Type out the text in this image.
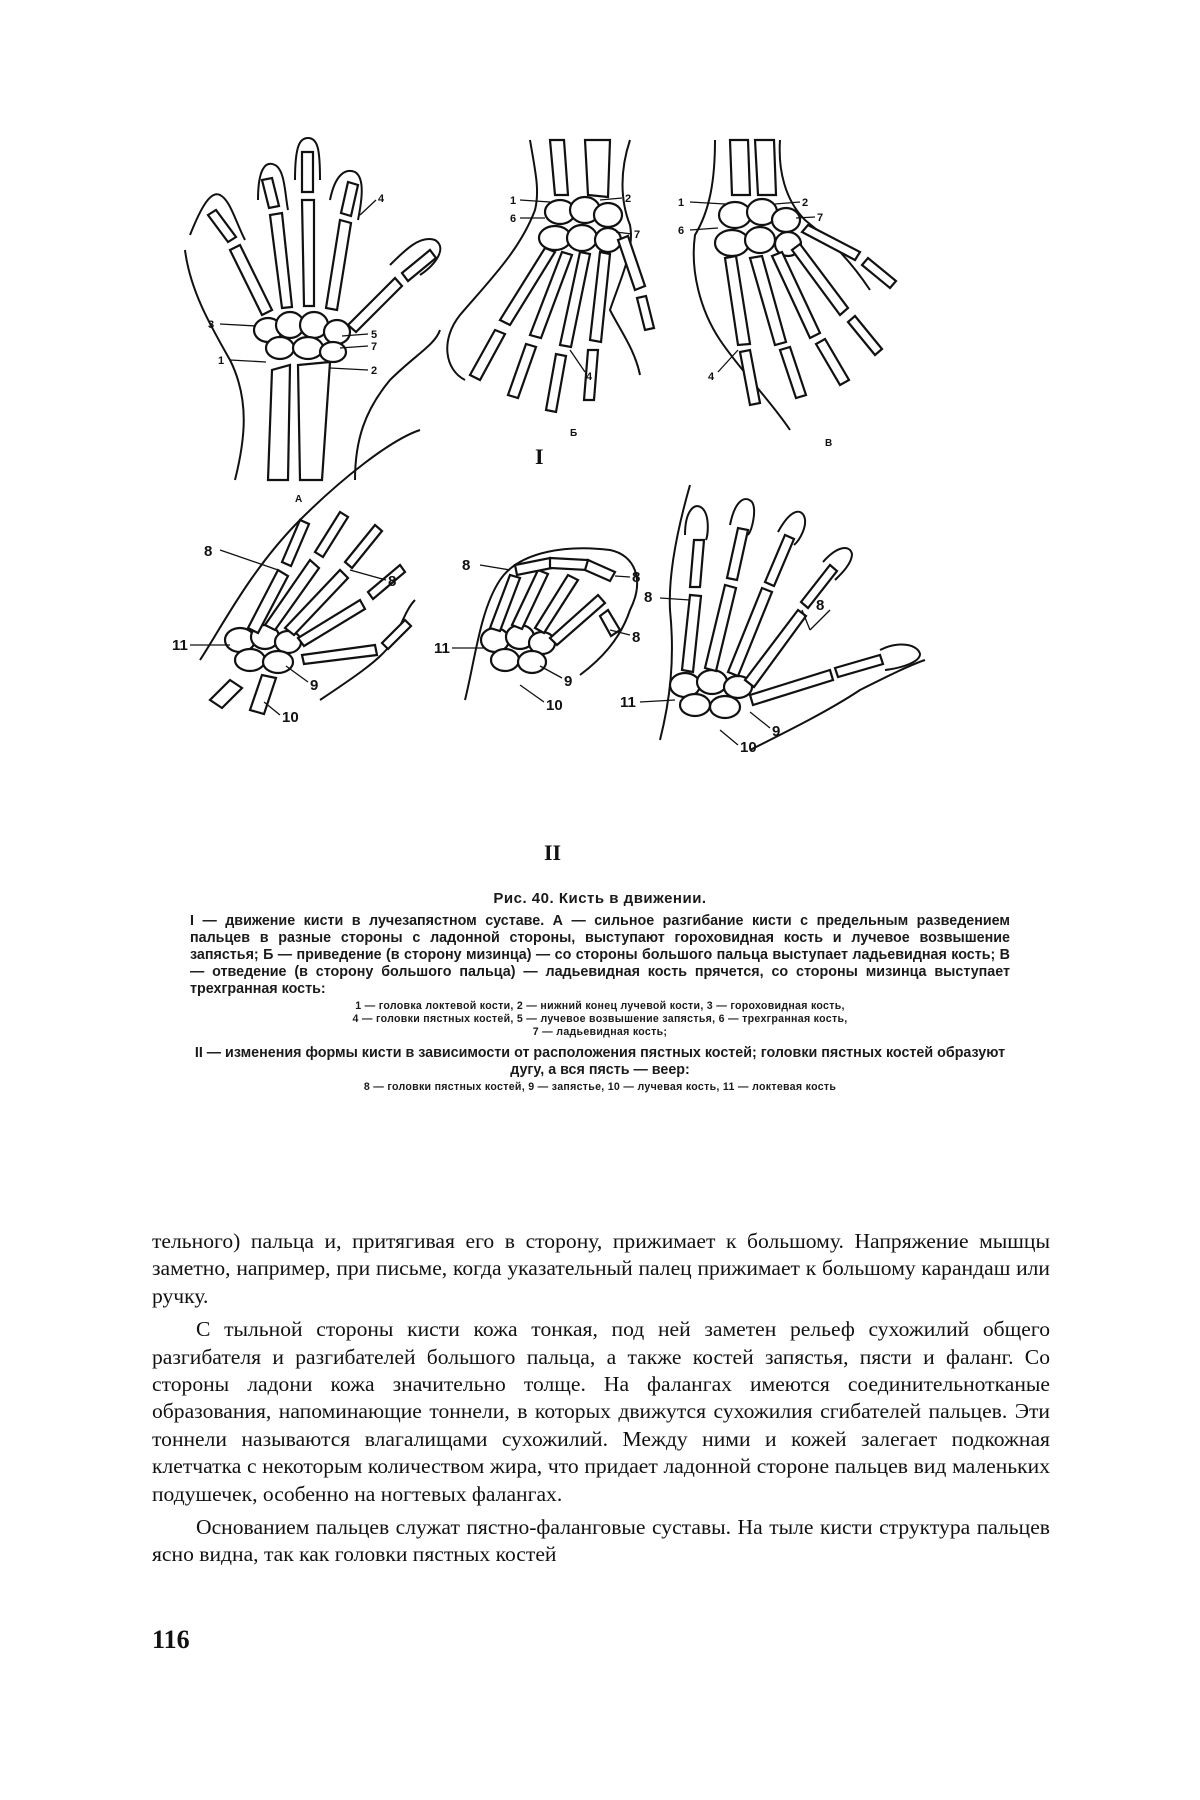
4
3
5
7
1
2
А
1	2
6
7
4
Б
I
1	2
7
6
4
В
8
8
11
9
10
8
8
8
11
9
10
8	8
11
9
10
II
Рис. 40. Кисть в движении.

I — движение кисти в лучезапястном суставе. А — сильное разгибание кисти с предельным разведением пальцев в разные стороны с ладонной стороны, выступают гороховидная кость и лучевое возвышение запястья; Б — приведение (в сторону мизинца) — со стороны большого пальца выступает ладьевидная кость; В — отведение (в сторону большого пальца) — ладьевидная кость прячется, со стороны мизинца выступает трехгранная кость:

1 — головка локтевой кости, 2 — нижний конец лучевой кости, 3 — гороховидная кость,
4 — головки пястных костей, 5 — лучевое возвышение запястья, 6 — трехгранная кость,
7 — ладьевидная кость;

II — изменения формы кисти в зависимости от расположения пястных костей; головки пястных костей образуют дугу, а вся пясть — веер:

8 — головки пястных костей, 9 — запястье, 10 — лучевая кость, 11 — локтевая кость

тельного) пальца и, притягивая его в сторону, прижимает к большому. Напряжение мышцы заметно, например, при письме, когда указательный палец прижимает к большому карандаш или ручку.

С тыльной стороны кисти кожа тонкая, под ней заметен рельеф сухожилий общего разгибателя и разгибателей большого пальца, а также костей запястья, пясти и фаланг. Со стороны ладони кожа значительно толще. На фалангах имеются соединительнотканые образования, напоминающие тоннели, в которых движутся сухожилия сгибателей пальцев. Эти тоннели называются влагалищами сухожилий. Между ними и кожей залегает подкожная клетчатка с некоторым количеством жира, что придает ладонной стороне пальцев вид маленьких подушечек, особенно на ногтевых фалангах.

Основанием пальцев служат пястно-фаланговые суставы. На тыле кисти структура пальцев ясно видна, так как головки пястных костей

116
